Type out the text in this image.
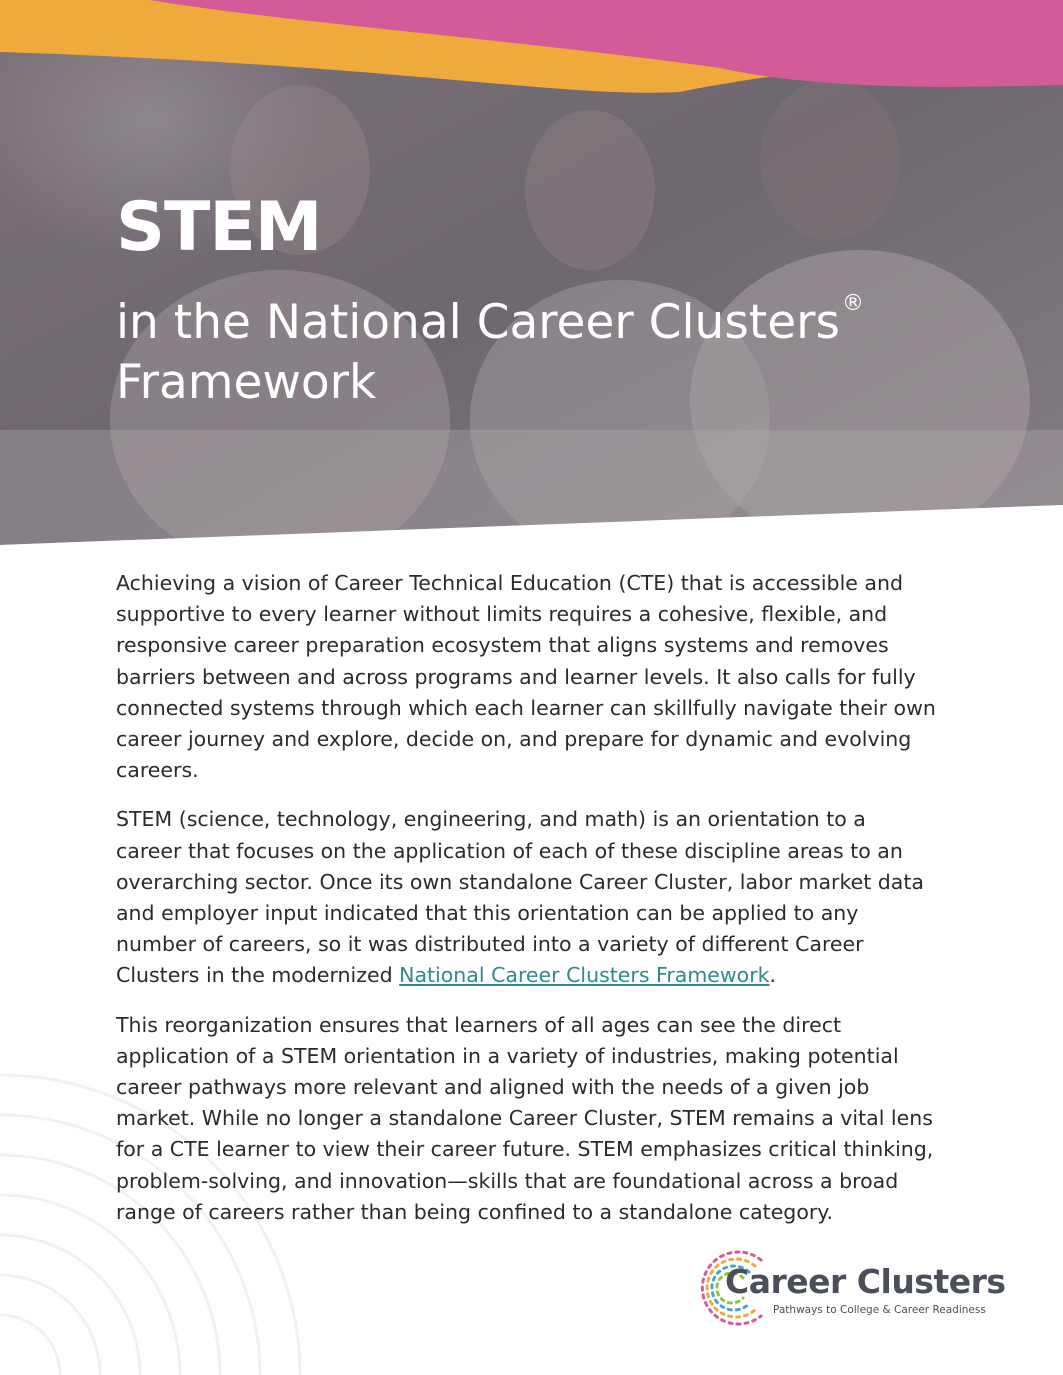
STEM
in the National Career Clusters®
Framework

Achieving a vision of Career Technical Education (CTE) that is accessible and supportive to every learner without limits requires a cohesive, flexible, and responsive career preparation ecosystem that aligns systems and removes barriers between and across programs and learner levels. It also calls for fully connected systems through which each learner can skillfully navigate their own career journey and explore, decide on, and prepare for dynamic and evolving careers.

STEM (science, technology, engineering, and math) is an orientation to a career that focuses on the application of each of these discipline areas to an overarching sector. Once its own standalone Career Cluster, labor market data and employer input indicated that this orientation can be applied to any number of careers, so it was distributed into a variety of different Career Clusters in the modernized National Career Clusters Framework.

This reorganization ensures that learners of all ages can see the direct application of a STEM orientation in a variety of industries, making potential career pathways more relevant and aligned with the needs of a given job market. While no longer a standalone Career Cluster, STEM remains a vital lens for a CTE learner to view their career future. STEM emphasizes critical thinking, problem-solving, and innovation—skills that are foundational across a broad range of careers rather than being confined to a standalone category.

Career Clusters
Pathways to College & Career Readiness
